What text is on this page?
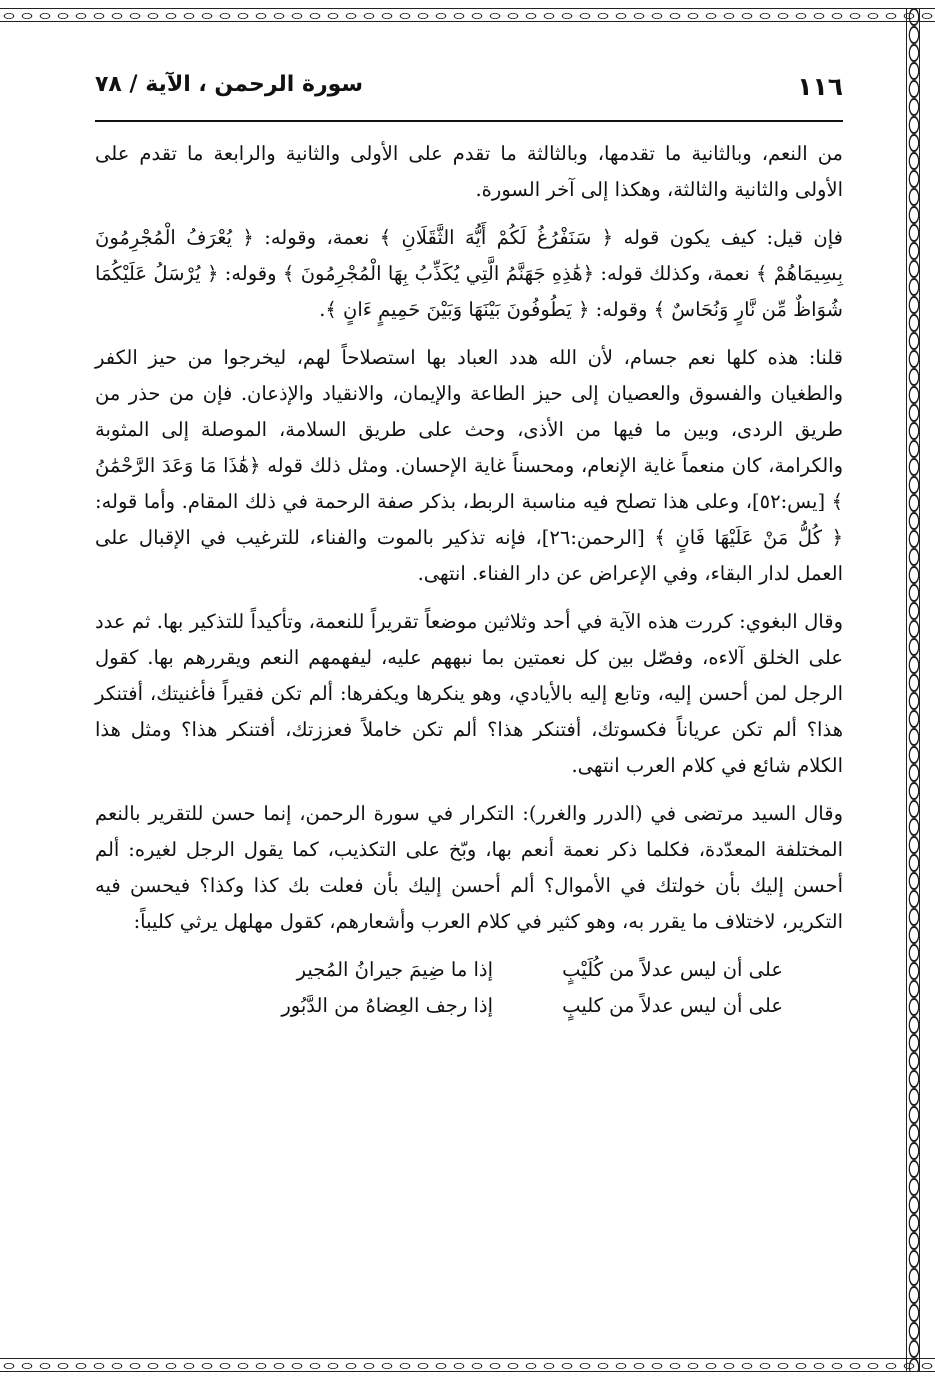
١١٦
سورة الرحمن ، الآية / ٧٨

من النعم، وبالثانية ما تقدمها، وبالثالثة ما تقدم على الأولى والثانية والرابعة ما تقدم على الأولى والثانية والثالثة، وهكذا إلى آخر السورة.

فإن قيل: كيف يكون قوله ﴿ سَنَفْرُغُ لَكُمْ أَيُّهَ الثَّقَلَانِ ﴾ نعمة، وقوله: ﴿ يُعْرَفُ الْمُجْرِمُونَ بِسِيمَاهُمْ ﴾ نعمة، وكذلك قوله: ﴿هَٰذِهِ جَهَنَّمُ الَّتِي يُكَذِّبُ بِهَا الْمُجْرِمُونَ ﴾ وقوله: ﴿ يُرْسَلُ عَلَيْكُمَا شُوَاظٌ مِّن نَّارٍ وَنُحَاسٌ ﴾ وقوله: ﴿ يَطُوفُونَ بَيْنَهَا وَبَيْنَ حَمِيمٍ ءَانٍ ﴾.

قلنا: هذه كلها نعم جسام، لأن الله هدد العباد بها استصلاحاً لهم، ليخرجوا من حيز الكفر والطغيان والفسوق والعصيان إلى حيز الطاعة والإيمان، والانقياد والإذعان. فإن من حذر من طريق الردى، وبين ما فيها من الأذى، وحث على طريق السلامة، الموصلة إلى المثوبة والكرامة، كان منعماً غاية الإنعام، ومحسناً غاية الإحسان. ومثل ذلك قوله ﴿هَٰذَا مَا وَعَدَ الرَّحْمَٰنُ ﴾ [يس:٥٢]، وعلى هذا تصلح فيه مناسبة الربط، بذكر صفة الرحمة في ذلك المقام. وأما قوله: ﴿ كُلُّ مَنْ عَلَيْهَا فَانٍ ﴾ [الرحمن:٢٦]، فإنه تذكير بالموت والفناء، للترغيب في الإقبال على العمل لدار البقاء، وفي الإعراض عن دار الفناء. انتهى.

وقال البغوي: كررت هذه الآية في أحد وثلاثين موضعاً تقريراً للنعمة، وتأكيداً للتذكير بها. ثم عدد على الخلق آلاءه، وفصّل بين كل نعمتين بما نبههم عليه، ليفهمهم النعم ويقررهم بها. كقول الرجل لمن أحسن إليه، وتابع إليه بالأيادي، وهو ينكرها ويكفرها: ألم تكن فقيراً فأغنيتك، أفتنكر هذا؟ ألم تكن عرياناً فكسوتك، أفتنكر هذا؟ ألم تكن خاملاً فعززتك، أفتنكر هذا؟ ومثل هذا الكلام شائع في كلام العرب انتهى.

وقال السيد مرتضى في (الدرر والغرر): التكرار في سورة الرحمن، إنما حسن للتقرير بالنعم المختلفة المعدّدة، فكلما ذكر نعمة أنعم بها، وبّخ على التكذيب، كما يقول الرجل لغيره: ألم أحسن إليك بأن خولتك في الأموال؟ ألم أحسن إليك بأن فعلت بك كذا وكذا؟ فيحسن فيه التكرير، لاختلاف ما يقرر به، وهو كثير في كلام العرب وأشعارهم، كقول مهلهل يرثي كليباً:

على أن ليس عدلاً من كُلَيْبٍ
إذا ما ضِيمَ جيرانُ المُجير
على أن ليس عدلاً من كليبٍ
إذا رجف العِضاهُ من الدَّبُور
